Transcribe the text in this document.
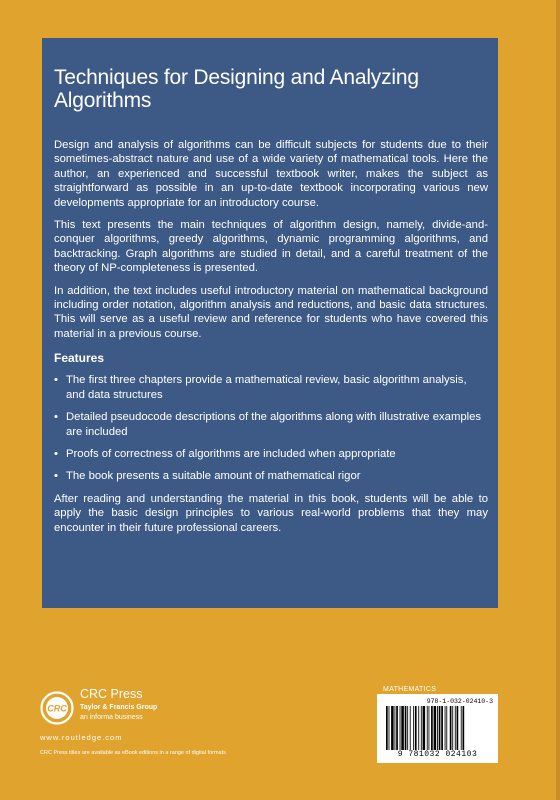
Techniques for Designing and Analyzing Algorithms

Design and analysis of algorithms can be difficult subjects for students due to their sometimes-abstract nature and use of a wide variety of mathematical tools. Here the author, an experienced and successful textbook writer, makes the subject as straightforward as possible in an up-to-date textbook incorporating various new developments appropriate for an introductory course.

This text presents the main techniques of algorithm design, namely, divide-and-conquer algorithms, greedy algorithms, dynamic programming algorithms, and backtracking. Graph algorithms are studied in detail, and a careful treatment of the theory of NP-completeness is presented.

In addition, the text includes useful introductory material on mathematical background including order notation, algorithm analysis and reductions, and basic data structures. This will serve as a useful review and reference for students who have covered this material in a previous course.

Features
• The first three chapters provide a mathematical review, basic algorithm analysis, and data structures
• Detailed pseudocode descriptions of the algorithms along with illustrative examples are included
• Proofs of correctness of algorithms are included when appropriate
• The book presents a suitable amount of mathematical rigor

After reading and understanding the material in this book, students will be able to apply the basic design principles to various real-world problems that they may encounter in their future professional careers.

CRC
CRC Press
Taylor & Francis Group
an informa business
www.routledge.com
CRC Press titles are available as eBook editions in a range of digital formats
MATHEMATICS
978-1-032-02410-3
9 781032 024103
